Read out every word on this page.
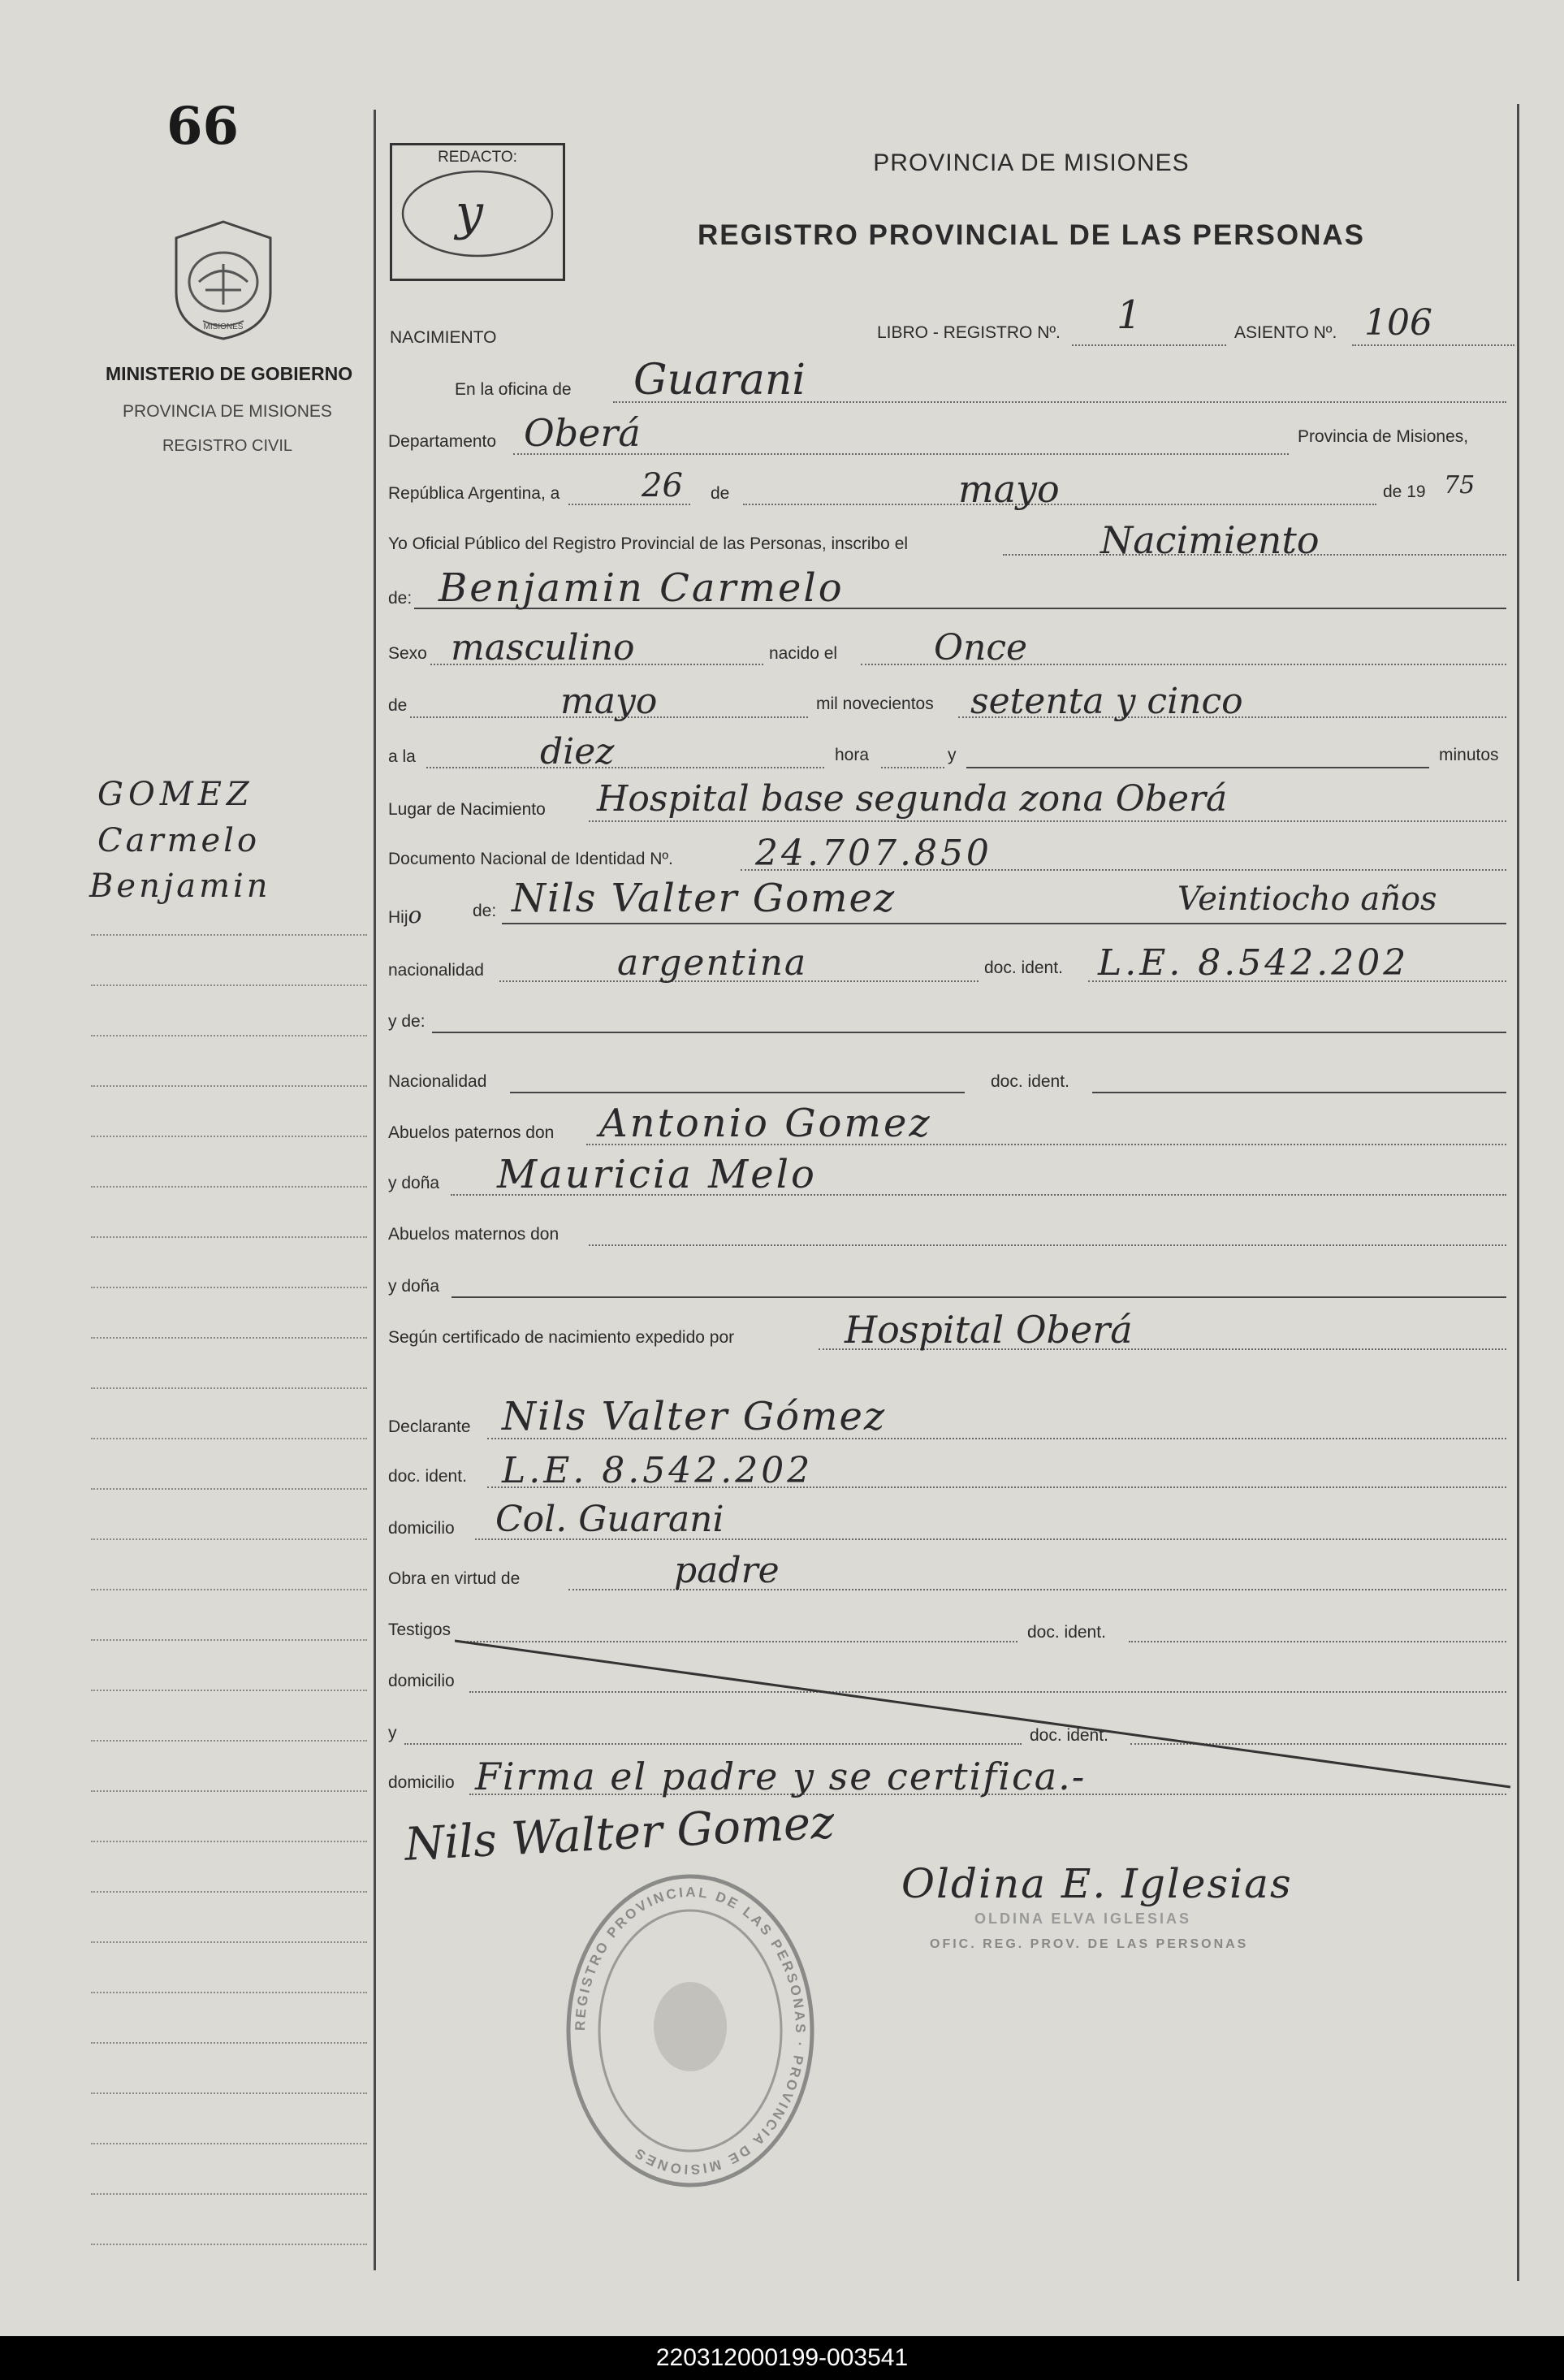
66
MISIONES
MINISTERIO DE GOBIERNO
PROVINCIA DE MISIONES
REGISTRO CIVIL
GOMEZ
Carmelo
Benjamin
REDACTO:
y
PROVINCIA DE MISIONES
REGISTRO PROVINCIAL DE LAS PERSONAS
NACIMIENTO	LIBRO - REGISTRO Nº. 1	ASIENTO Nº. 106
En la oficina de Guarani
Departamento Oberá	Provincia de Misiones,
República Argentina, a	26 de	mayo	de 19 75
Yo Oficial Público del Registro Provincial de las Personas, inscribo el	Nacimiento
de: Benjamin Carmelo
Sexo masculino	nacido el	Once
de	mayo	mil novecientos setenta y cinco
a la	diez	hora	y	minutos
Lugar de Nacimiento Hospital base segunda zona Oberá
Documento Nacional de Identidad Nº. 24.707.850
Hijo	de: Nils Valter Gomez	Veintiocho años
nacionalidad	argentina	doc. ident. L.E. 8.542.202
y de:
Nacionalidad	doc. ident.
Abuelos paternos don Antonio Gomez
y doña Mauricia Melo
Abuelos maternos don
y doña
Según certificado de nacimiento expedido por	Hospital Oberá
Declarante Nils Valter Gómez
doc. ident. L.E. 8.542.202
domicilio Col. Guarani
Obra en virtud de	padre
Testigos	doc. ident.
domicilio
y	doc. ident.
domicilio Firma el padre y se certifica.-
Nils Walter Gomez
Oldina E. Iglesias
OLDINA ELVA IGLESIAS
OFIC. REG. PROV. DE LAS PERSONAS
REGISTRO PROVINCIAL DE LAS PERSONAS · PROVINCIA DE MISIONES
220312000199-003541
